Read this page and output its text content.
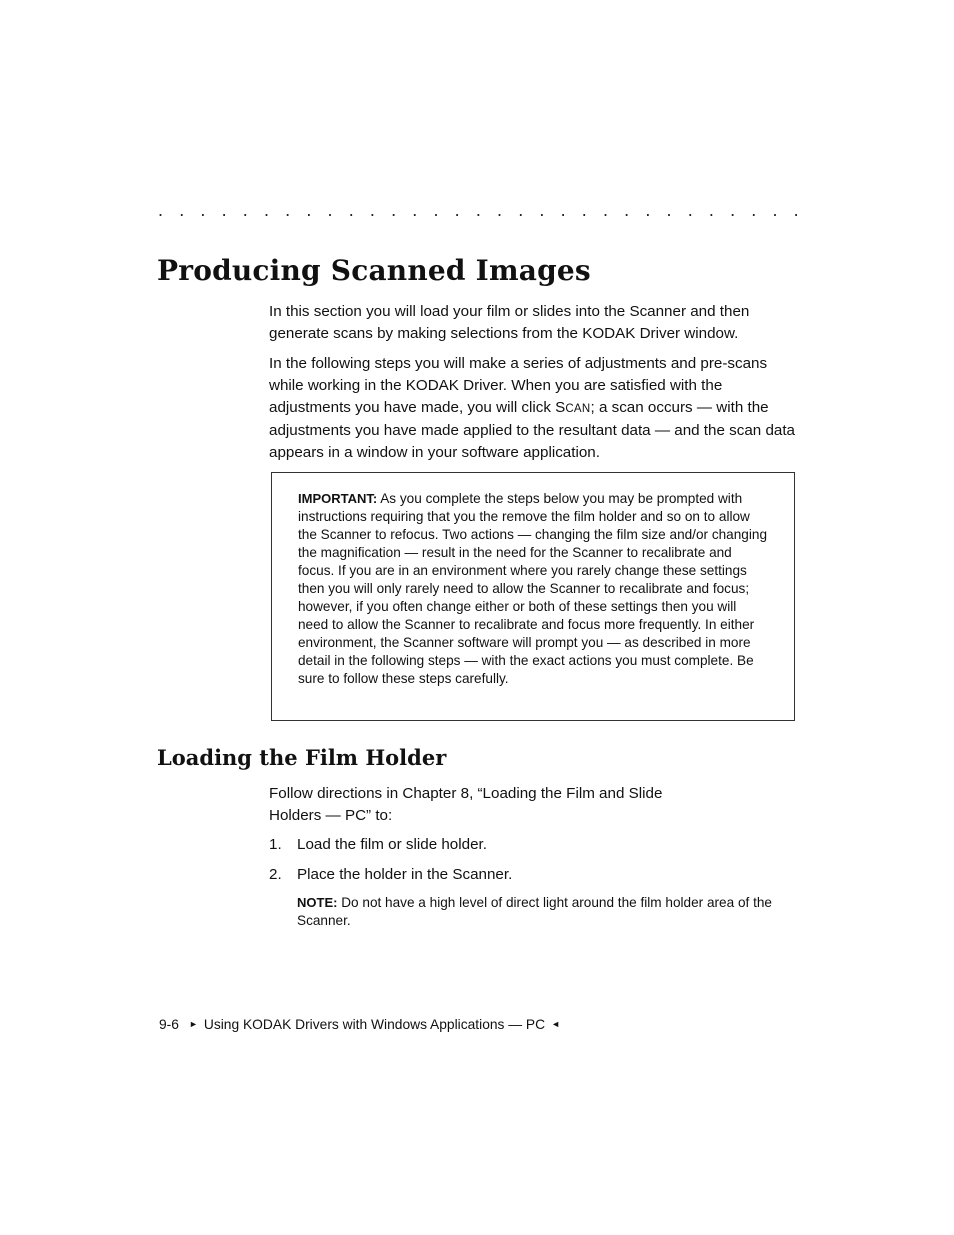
. . . . . . . . . . . . . . . . . . . . . . . . . . . . . . .
Producing Scanned Images

In this section you will load your film or slides into the Scanner and then generate scans by making selections from the KODAK Driver window.

In the following steps you will make a series of adjustments and pre-scans while working in the KODAK Driver. When you are satisfied with the adjustments you have made, you will click SCAN; a scan occurs — with the adjustments you have made applied to the resultant data — and the scan data appears in a window in your software application.

IMPORTANT: As you complete the steps below you may be prompted with instructions requiring that you the remove the film holder and so on to allow the Scanner to refocus. Two actions — changing the film size and/or changing the magnification — result in the need for the Scanner to recalibrate and focus. If you are in an environment where you rarely change these settings then you will only rarely need to allow the Scanner to recalibrate and focus; however, if you often change either or both of these settings then you will need to allow the Scanner to recalibrate and focus more frequently. In either environment, the Scanner software will prompt you — as described in more detail in the following steps — with the exact actions you must complete. Be sure to follow these steps carefully.
Loading the Film Holder

Follow directions in Chapter 8, “Loading the Film and Slide
Holders — PC” to:

1. Load the film or slide holder.
2. Place the holder in the Scanner.
NOTE: Do not have a high level of direct light around the film holder area of the Scanner.
9-6 ► Using KODAK Drivers with Windows Applications — PC ◄
